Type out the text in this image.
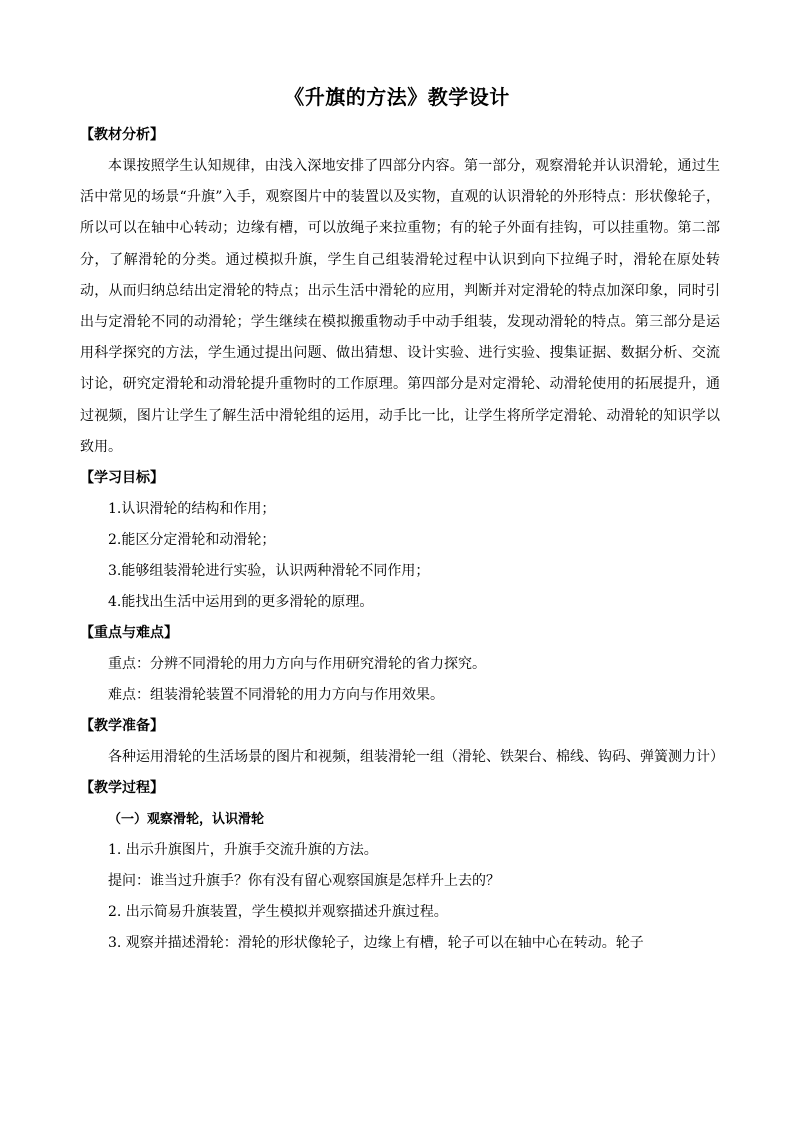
《升旗的方法》教学设计

【教材分析】

本课按照学生认知规律，由浅入深地安排了四部分内容。第一部分，观察滑轮并认识滑轮，通过生活中常见的场景“升旗”入手，观察图片中的装置以及实物，直观的认识滑轮的外形特点：形状像轮子，所以可以在轴中心转动；边缘有槽，可以放绳子来拉重物；有的轮子外面有挂钩，可以挂重物。第二部分，了解滑轮的分类。通过模拟升旗，学生自己组装滑轮过程中认识到向下拉绳子时，滑轮在原处转动，从而归纳总结出定滑轮的特点；出示生活中滑轮的应用，判断并对定滑轮的特点加深印象，同时引出与定滑轮不同的动滑轮；学生继续在模拟搬重物动手中动手组装，发现动滑轮的特点。第三部分是运用科学探究的方法，学生通过提出问题、做出猜想、设计实验、进行实验、搜集证据、数据分析、交流讨论，研究定滑轮和动滑轮提升重物时的工作原理。第四部分是对定滑轮、动滑轮使用的拓展提升，通过视频，图片让学生了解生活中滑轮组的运用，动手比一比，让学生将所学定滑轮、动滑轮的知识学以致用。

【学习目标】

1.认识滑轮的结构和作用；

2.能区分定滑轮和动滑轮；

3.能够组装滑轮进行实验，认识两种滑轮不同作用；

4.能找出生活中运用到的更多滑轮的原理。

【重点与难点】

重点：分辨不同滑轮的用力方向与作用研究滑轮的省力探究。

难点：组装滑轮装置不同滑轮的用力方向与作用效果。

【教学准备】

各种运用滑轮的生活场景的图片和视频，组装滑轮一组（滑轮、铁架台、棉线、钩码、弹簧测力计）

【教学过程】

（一）观察滑轮，认识滑轮

1. 出示升旗图片，升旗手交流升旗的方法。

提问：谁当过升旗手？你有没有留心观察国旗是怎样升上去的？

2. 出示简易升旗装置，学生模拟并观察描述升旗过程。

3. 观察并描述滑轮：滑轮的形状像轮子，边缘上有槽，轮子可以在轴中心在转动。轮子
